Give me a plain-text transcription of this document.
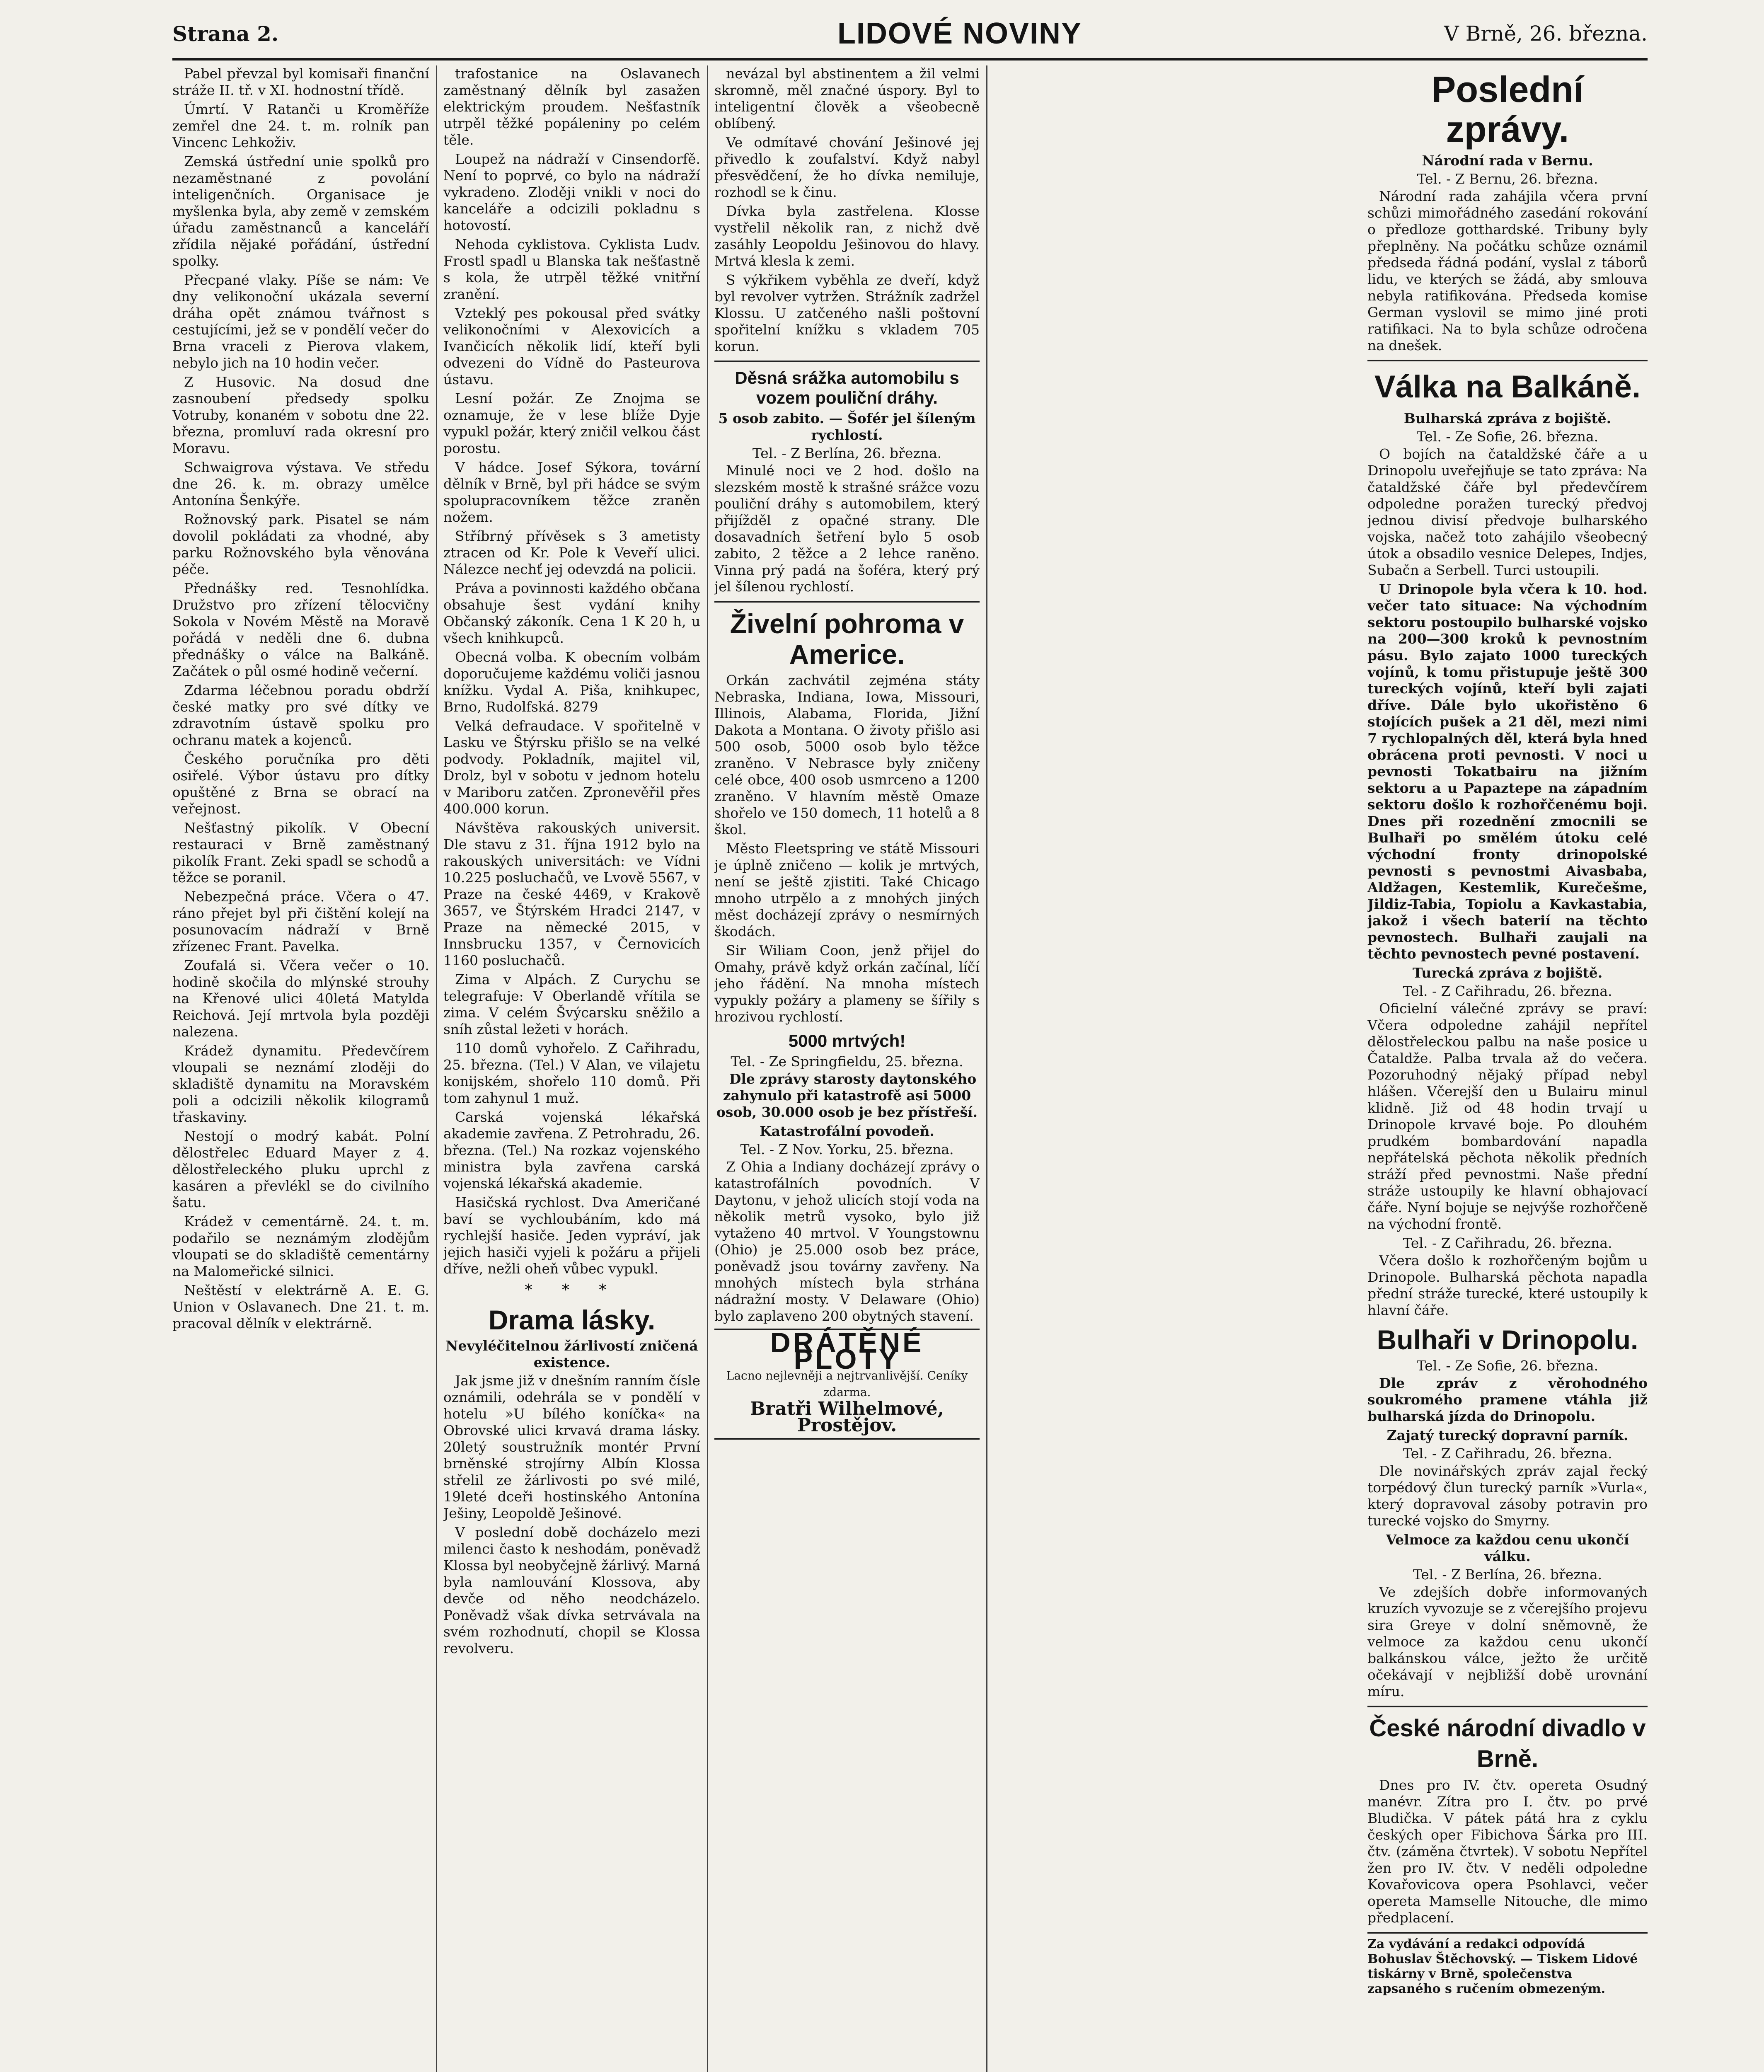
Strana 2.	LIDOVÉ NOVINY	V Brně, 26. března.

Pabel převzal byl komisaři finanční stráže II. tř. v XI. hodnostní třídě.

Úmrtí. V Ratanči u Kroměříže zemřel dne 24. t. m. rolník pan Vincenc Lehkoživ.

Zemská ústřední unie spolků pro nezaměstnané z povolání inteligenčních. Organisace je myšlenka byla, aby země v zemském úřadu zaměstnanců a kanceláří zřídila nějaké pořádání, ústřední spolky.

Přecpané vlaky. Píše se nám: Ve dny velikonoční ukázala severní dráha opět známou tvářnost s cestujícími, jež se v pondělí večer do Brna vraceli z Pierova vlakem, nebylo jich na 10 hodin večer.

Z Husovic. Na dosud dne zasnoubení předsedy spolku Votruby, konaném v sobotu dne 22. března, promluví rada okresní pro Moravu.

Schwaigrova výstava. Ve středu dne 26. k. m. obrazy umělce Antonína Šenkýře.

Rožnovský park. Pisatel se nám dovolil pokládati za vhodné, aby parku Rožnovského byla věnována péče.

Přednášky red. Tesnohlídka. Družstvo pro zřízení tělocvičny Sokola v Novém Městě na Moravě pořádá v neděli dne 6. dubna přednášky o válce na Balkáně. Začátek o půl osmé hodině večerní.

Zdarma léčebnou poradu obdrží české matky pro své dítky ve zdravotním ústavě spolku pro ochranu matek a kojenců.

Českého poručníka pro děti osiřelé. Výbor ústavu pro dítky opuštěné z Brna se obrací na veřejnost.

Nešťastný pikolík. V Obecní restauraci v Brně zaměstnaný pikolík Frant. Zeki spadl se schodů a těžce se poranil.

Nebezpečná práce. Včera o 47. ráno přejet byl při čištění kolejí na posunovacím nádraží v Brně zřízenec Frant. Pavelka.

Zoufalá si. Včera večer o 10. hodině skočila do mlýnské strouhy na Křenové ulici 40letá Matylda Reichová. Její mrtvola byla později nalezena.

Krádež dynamitu. Předevčírem vloupali se neznámí zloději do skladiště dynamitu na Moravském poli a odcizili několik kilogramů třaskaviny.

Nestojí o modrý kabát. Polní dělostřelec Eduard Mayer z 4. dělostřeleckého pluku uprchl z kasáren a převlékl se do civilního šatu.

Krádež v cementárně. 24. t. m. podařilo se neznámým zlodějům vloupati se do skladiště cementárny na Malomeřické silnici.

Neštěstí v elektrárně A. E. G. Union v Oslavanech. Dne 21. t. m. pracoval dělník v elektrárně.

trafostanice na Oslavanech zaměstnaný dělník byl zasažen elektrickým proudem. Nešťastník utrpěl těžké popáleniny po celém těle.

Loupež na nádraží v Cinsendorfě. Není to poprvé, co bylo na nádraží vykradeno. Zloději vnikli v noci do kanceláře a odcizili pokladnu s hotovostí.

Nehoda cyklistova. Cyklista Ludv. Frostl spadl u Blanska tak nešťastně s kola, že utrpěl těžké vnitřní zranění.

Vzteklý pes pokousal před svátky velikonočními v Alexovicích a Ivančicích několik lidí, kteří byli odvezeni do Vídně do Pasteurova ústavu.

Lesní požár. Ze Znojma se oznamuje, že v lese blíže Dyje vypukl požár, který zničil velkou část porostu.

V hádce. Josef Sýkora, tovární dělník v Brně, byl při hádce se svým spolupracovníkem těžce zraněn nožem.

Stříbrný přívěsek s 3 ametisty ztracen od Kr. Pole k Veveří ulici. Nálezce nechť jej odevzdá na policii.

Práva a povinnosti každého občana obsahuje šest vydání knihy Občanský zákoník. Cena 1 K 20 h, u všech knihkupců.

Obecná volba. K obecním volbám doporučujeme každému voliči jasnou knížku. Vydal A. Piša, knihkupec, Brno, Rudolfská. 8279

Velká defraudace. V spořitelně v Lasku ve Štýrsku přišlo se na velké podvody. Pokladník, majitel vil, Drolz, byl v sobotu v jednom hotelu v Mariboru zatčen. Zpronevěřil přes 400.000 korun.

Návštěva rakouských universit. Dle stavu z 31. října 1912 bylo na rakouských universitách: ve Vídni 10.225 posluchačů, ve Lvově 5567, v Praze na české 4469, v Krakově 3657, ve Štýrském Hradci 2147, v Praze na německé 2015, v Innsbrucku 1357, v Černovicích 1160 posluchačů.

Zima v Alpách. Z Curychu se telegrafuje: V Oberlandě vřítila se zima. V celém Švýcarsku sněžilo a sníh zůstal ležeti v horách.

110 domů vyhořelo. Z Cařihradu, 25. března. (Tel.) V Alan, ve vilajetu konijském, shořelo 110 domů. Při tom zahynul 1 muž.

Carská vojenská lékařská akademie zavřena. Z Petrohradu, 26. března. (Tel.) Na rozkaz vojenského ministra byla zavřena carská vojenská lékařská akademie.

Hasičská rychlost. Dva Američané baví se vychloubáním, kdo má rychlejší hasiče. Jeden vypráví, jak jejich hasiči vyjeli k požáru a přijeli dříve, nežli oheň vůbec vypukl.

* * *
Drama lásky.
Nevyléčitelnou žárlivostí zničená existence.

Jak jsme již v dnešním ranním čísle oznámili, odehrála se v pondělí v hotelu »U bílého koníčka« na Obrovské ulici krvavá drama lásky. 20letý soustružník montér První brněnské strojírny Albín Klossa střelil ze žárlivosti po své milé, 19leté dceři hostinského Antonína Ješiny, Leopoldě Ješinové.

V poslední době docházelo mezi milenci často k neshodám, poněvadž Klossa byl neobyčejně žárlivý. Marná byla namlouvání Klossova, aby devče od něho neodcházelo. Poněvadž však dívka setrvávala na svém rozhodnutí, chopil se Klossa revolveru.

nevázal byl abstinentem a žil velmi skromně, měl značné úspory. Byl to inteligentní člověk a všeobecně oblíbený.

Ve odmítavé chování Ješinové jej přivedlo k zoufalství. Když nabyl přesvědčení, že ho dívka nemiluje, rozhodl se k činu.

Dívka byla zastřelena. Klosse vystřelil několik ran, z nichž dvě zasáhly Leopoldu Ješinovou do hlavy. Mrtvá klesla k zemi.

S výkřikem vyběhla ze dveří, když byl revolver vytržen. Strážník zadržel Klossu. U zatčeného našli poštovní spořitelní knížku s vkladem 705 korun.

Děsná srážka automobilu s vozem pouliční dráhy.
5 osob zabito. — Šofér jel šíleným rychlostí.
Tel. - Z Berlína, 26. března.

Minulé noci ve 2 hod. došlo na slezském mostě k strašné srážce vozu pouliční dráhy s automobilem, který přijížděl z opačné strany. Dle dosavadních šetření bylo 5 osob zabito, 2 těžce a 2 lehce raněno. Vinna prý padá na šoféra, který prý jel šílenou rychlostí.

Živelní pohroma v Americe.

Orkán zachvátil zejména státy Nebraska, Indiana, Iowa, Missouri, Illinois, Alabama, Florida, Jižní Dakota a Montana. O životy přišlo asi 500 osob, 5000 osob bylo těžce zraněno. V Nebrasce byly zničeny celé obce, 400 osob usmrceno a 1200 zraněno. V hlavním městě Omaze shořelo ve 150 domech, 11 hotelů a 8 škol.

Město Fleetspring ve státě Missouri je úplně zničeno — kolik je mrtvých, není se ještě zjistiti. Také Chicago mnoho utrpělo a z mnohých jiných měst docházejí zprávy o nesmírných škodách.

Sir Wiliam Coon, jenž přijel do Omahy, právě když orkán začínal, líčí jeho řádění. Na mnoha místech vypukly požáry a plameny se šířily s hrozivou rychlostí.

5000 mrtvých!
Tel. - Ze Springfieldu, 25. března.

Dle zprávy starosty daytonského zahynulo při katastrofě asi 5000 osob, 30.000 osob je bez přístřeší.

Katastrofální povodeň.
Tel. - Z Nov. Yorku, 25. března.

Z Ohia a Indiany docházejí zprávy o katastrofálních povodních. V Daytonu, v jehož ulicích stojí voda na několik metrů vysoko, bylo již vytaženo 40 mrtvol. V Youngstownu (Ohio) je 25.000 osob bez práce, poněvadž jsou továrny zavřeny. Na mnohých místech byla strhána nádražní mosty. V Delaware (Ohio) bylo zaplaveno 200 obytných stavení.

DRÁTĚNÉ PLOTY
Lacno nejlevněji a nejtrvanlivější. Ceníky zdarma.
Bratři Wilhelmové, Prostějov.
Poslední zprávy.
Národní rada v Bernu.
Tel. - Z Bernu, 26. března.

Národní rada zahájila včera první schůzi mimořádného zasedání rokování o předloze gotthardské. Tribuny byly přeplněny. Na počátku schůze oznámil předseda řádná podání, vyslal z táborů lidu, ve kterých se žádá, aby smlouva nebyla ratifikována. Předseda komise German vyslovil se mimo jiné proti ratifikaci. Na to byla schůze odročena na dnešek.

Válka na Balkáně.
Bulharská zpráva z bojiště.
Tel. - Ze Sofie, 26. března.

O bojích na čataldžské čáře a u Drinopolu uveřejňuje se tato zpráva: Na čataldžské čáře byl předevčírem odpoledne poražen turecký předvoj jednou divisí předvoje bulharského vojska, načež toto zahájilo všeobecný útok a obsadilo vesnice Delepes, Indjes, Subačn a Serbell. Turci ustoupili.

U Drinopole byla včera k 10. hod. večer tato situace: Na východním sektoru postoupilo bulharské vojsko na 200—300 kroků k pevnostním pásu. Bylo zajato 1000 tureckých vojínů, k tomu přistupuje ještě 300 tureckých vojínů, kteří byli zajati dříve. Dále bylo ukořistěno 6 stojících pušek a 21 děl, mezi nimi 7 rychlopalných děl, která byla hned obrácena proti pevnosti. V noci u pevnosti Tokatbairu na jižním sektoru a u Papaztepe na západním sektoru došlo k rozhořčenému boji. Dnes při rozednění zmocnili se Bulhaři po smělém útoku celé východní fronty drinopolské pevnosti s pevnostmi Aivasbaba, Aldžagen, Kestemlik, Kurečešme, Jildiz-Tabia, Topiolu a Kavkastabia, jakož i všech baterií na těchto pevnostech. Bulhaři zaujali na těchto pevnostech pevné postavení.

Turecká zpráva z bojiště.
Tel. - Z Cařihradu, 26. března.

Oficielní válečné zprávy se praví: Včera odpoledne zahájil nepřítel dělostřeleckou palbu na naše posice u Čataldže. Palba trvala až do večera. Pozoruhodný nějaký případ nebyl hlášen. Včerejší den u Bulairu minul klidně. Již od 48 hodin trvají u Drinopole krvavé boje. Po dlouhém prudkém bombardování napadla nepřátelská pěchota několik předních stráží před pevnostmi. Naše přední stráže ustoupily ke hlavní obhajovací čáře. Nyní bojuje se nejvýše rozhořčeně na východní frontě.

Tel. - Z Cařihradu, 26. března.

Včera došlo k rozhořčeným bojům u Drinopole. Bulharská pěchota napadla přední stráže turecké, které ustoupily k hlavní čáře.

Bulhaři v Drinopolu.
Tel. - Ze Sofie, 26. března.

Dle zpráv z věrohodného soukromého pramene vtáhla již bulharská jízda do Drinopolu.

Zajatý turecký dopravní parník.
Tel. - Z Cařihradu, 26. března.

Dle novinářských zpráv zajal řecký torpédový člun turecký parník »Vurla«, který dopravoval zásoby potravin pro turecké vojsko do Smyrny.

Velmoce za každou cenu ukončí válku.
Tel. - Z Berlína, 26. března.

Ve zdejších dobře informovaných kruzích vyvozuje se z včerejšího projevu sira Greye v dolní sněmovně, že velmoce za každou cenu ukončí balkánskou válce, ježto že určitě očekávají v nejbližší době urovnání míru.

České národní divadlo v Brně.

Dnes pro IV. čtv. opereta Osudný manévr. Zítra pro I. čtv. po prvé Bludička. V pátek pátá hra z cyklu českých oper Fibichova Šárka pro III. čtv. (záměna čtvrtek). V sobotu Nepřítel žen pro IV. čtv. V neděli odpoledne Kovařovicova opera Psohlavci, večer opereta Mamselle Nitouche, dle mimo předplacení.

Za vydávání a redakci odpovídá Bohuslav Štěchovský. — Tiskem Lidové tiskárny v Brně, společenstva zapsaného s ručením obmezeným.
